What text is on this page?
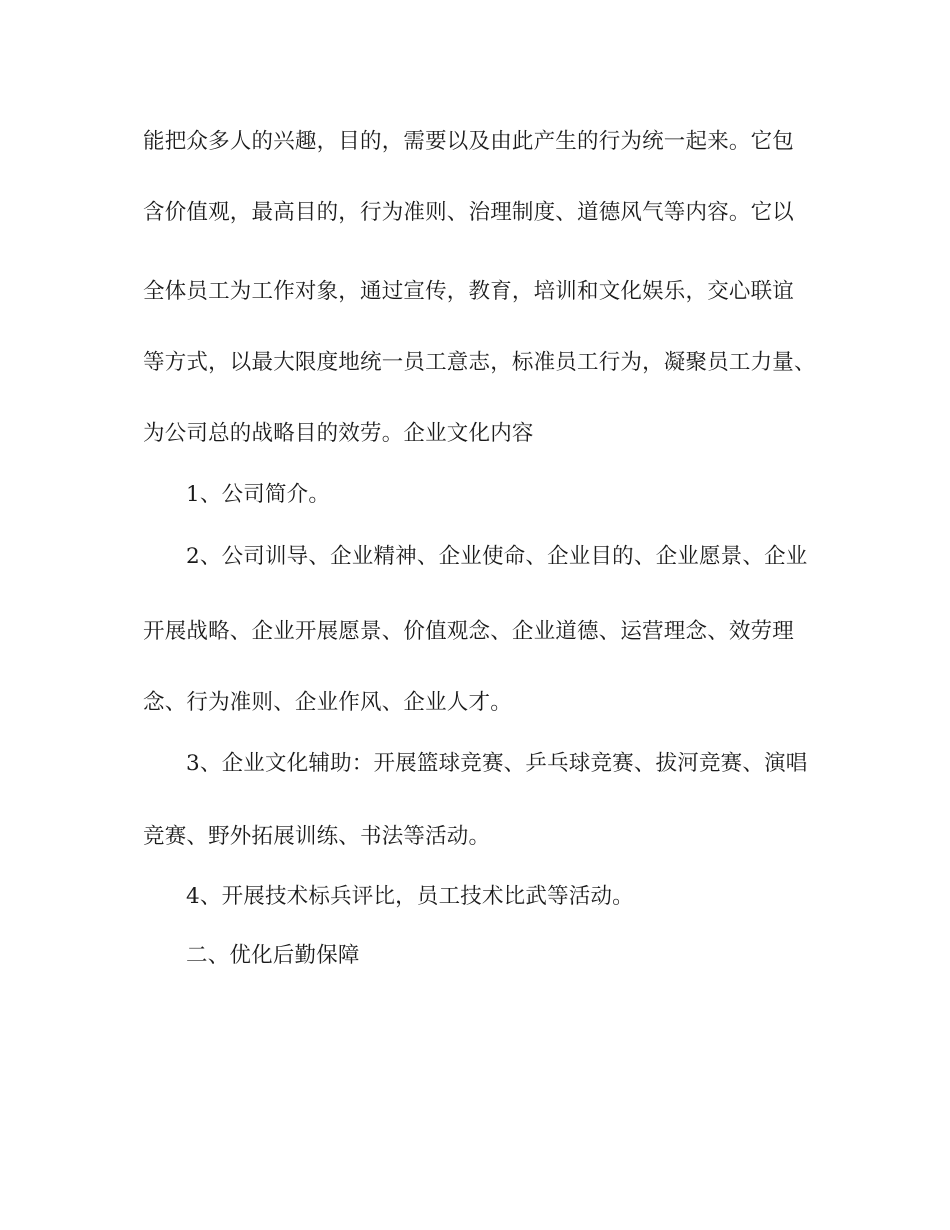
能把众多人的兴趣，目的，需要以及由此产生的行为统一起来。它包
含价值观，最高目的，行为准则、治理制度、道德风气等内容。它以
全体员工为工作对象，通过宣传，教育，培训和文化娱乐，交心联谊
等方式，以最大限度地统一员工意志，标准员工行为，凝聚员工力量、
为公司总的战略目的效劳。企业文化内容
1、公司简介。
2、公司训导、企业精神、企业使命、企业目的、企业愿景、企业
开展战略、企业开展愿景、价值观念、企业道德、运营理念、效劳理
念、行为准则、企业作风、企业人才。
3、企业文化辅助：开展篮球竞赛、乒乓球竞赛、拔河竞赛、演唱
竞赛、野外拓展训练、书法等活动。
4、开展技术标兵评比，员工技术比武等活动。
二、优化后勤保障
